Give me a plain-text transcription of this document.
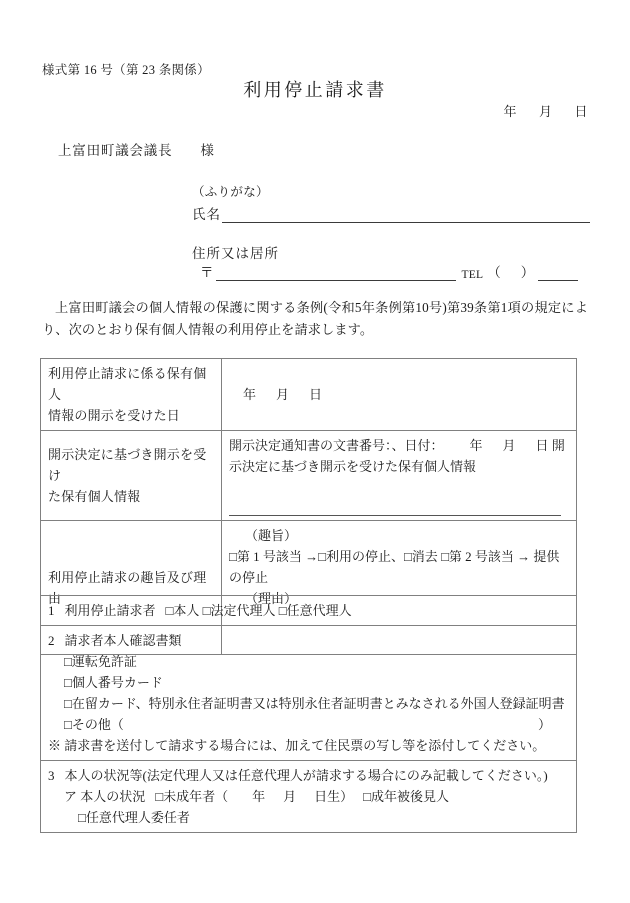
様式第 16 号（第 23 条関係）
利用停止請求書
年 月 日
上富田町議会議長 様
（ふりがな）
氏名
住所又は居所
〒	TEL （ ）
上富田町議会の個人情報の保護に関する条例(令和5年条例第10号)第39条第1項の規定により、次のとおり保有個人情報の利用停止を請求します。
利用停止請求に係る保有個人
情報の開示を受けた日	年 月 日

開示決定に基づき開示を受け
た保有個人情報	開示決定通知書の文書番号：、日付： 年 月 日 開示決定に基づき開示を受けた保有個人情報

利用停止請求の趣旨及び理由	（趣旨）
□第 1 号該当 →□利用の停止、□消去 □第 2 号該当 → 提供の停止
（理由）
1 利用停止請求者 □本人 □法定代理人 □任意代理人
2 請求者本人確認書類
□運転免許証
□個人番号カード
□在留カード、特別永住者証明書又は特別永住者証明書とみなされる外国人登録証明書
□その他（	）
※ 請求書を送付して請求する場合には、加えて住民票の写し等を添付してください。
3 本人の状況等(法定代理人又は任意代理人が請求する場合にのみ記載してください。)
ア 本人の状況 □未成年者（ 年 月 日生） □成年被後見人
□任意代理人委任者
